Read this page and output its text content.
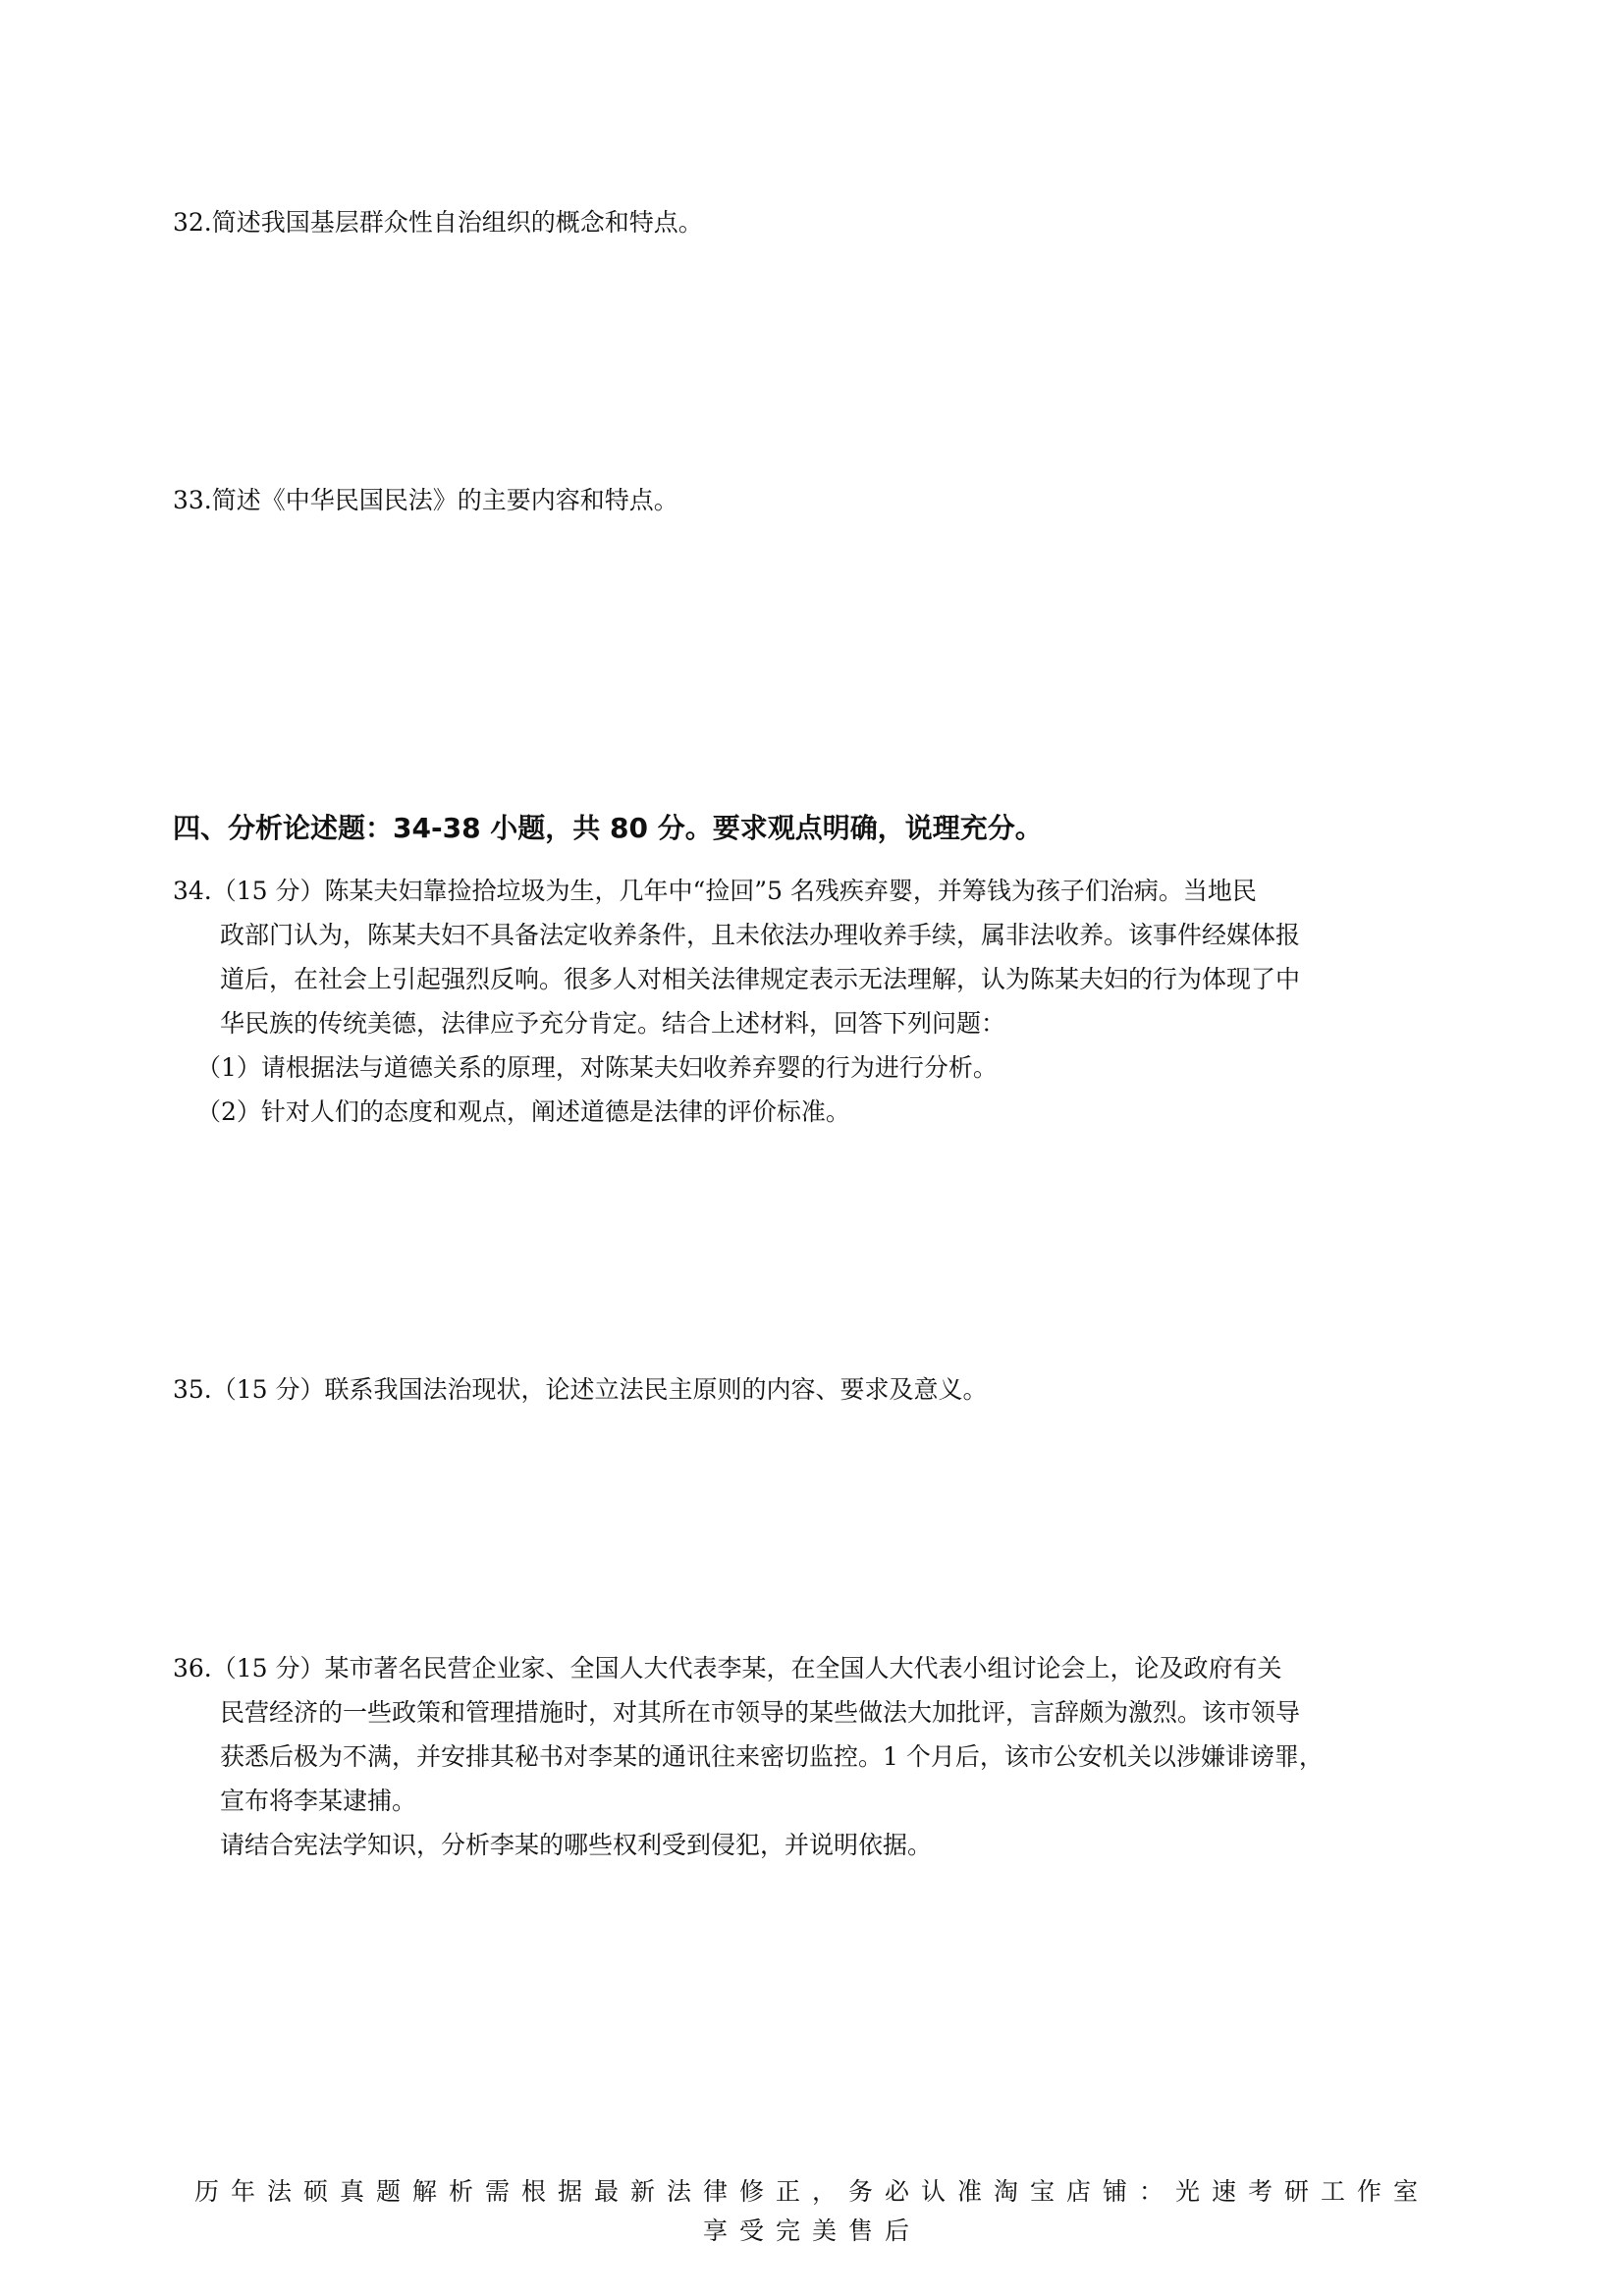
32.简述我国基层群众性自治组织的概念和特点。
33.简述《中华民国民法》的主要内容和特点。
四、分析论述题：34-38 小题，共 80 分。要求观点明确，说理充分。
34.（15 分）陈某夫妇靠捡拾垃圾为生，几年中“捡回”5 名残疾弃婴，并筹钱为孩子们治病。当地民
政部门认为，陈某夫妇不具备法定收养条件，且未依法办理收养手续，属非法收养。该事件经媒体报
道后，在社会上引起强烈反响。很多人对相关法律规定表示无法理解，认为陈某夫妇的行为体现了中
华民族的传统美德，法律应予充分肯定。结合上述材料，回答下列问题：
（1）请根据法与道德关系的原理，对陈某夫妇收养弃婴的行为进行分析。
（2）针对人们的态度和观点，阐述道德是法律的评价标准。
35.（15 分）联系我国法治现状，论述立法民主原则的内容、要求及意义。
36.（15 分）某市著名民营企业家、全国人大代表李某，在全国人大代表小组讨论会上，论及政府有关
民营经济的一些政策和管理措施时，对其所在市领导的某些做法大加批评，言辞颇为激烈。该市领导
获悉后极为不满，并安排其秘书对李某的通讯往来密切监控。1 个月后，该市公安机关以涉嫌诽谤罪，
宣布将李某逮捕。
请结合宪法学知识，分析李某的哪些权利受到侵犯，并说明依据。
历年法硕真题解析需根据最新法律修正，务必认准淘宝店铺：光速考研工作室
享受完美售后
